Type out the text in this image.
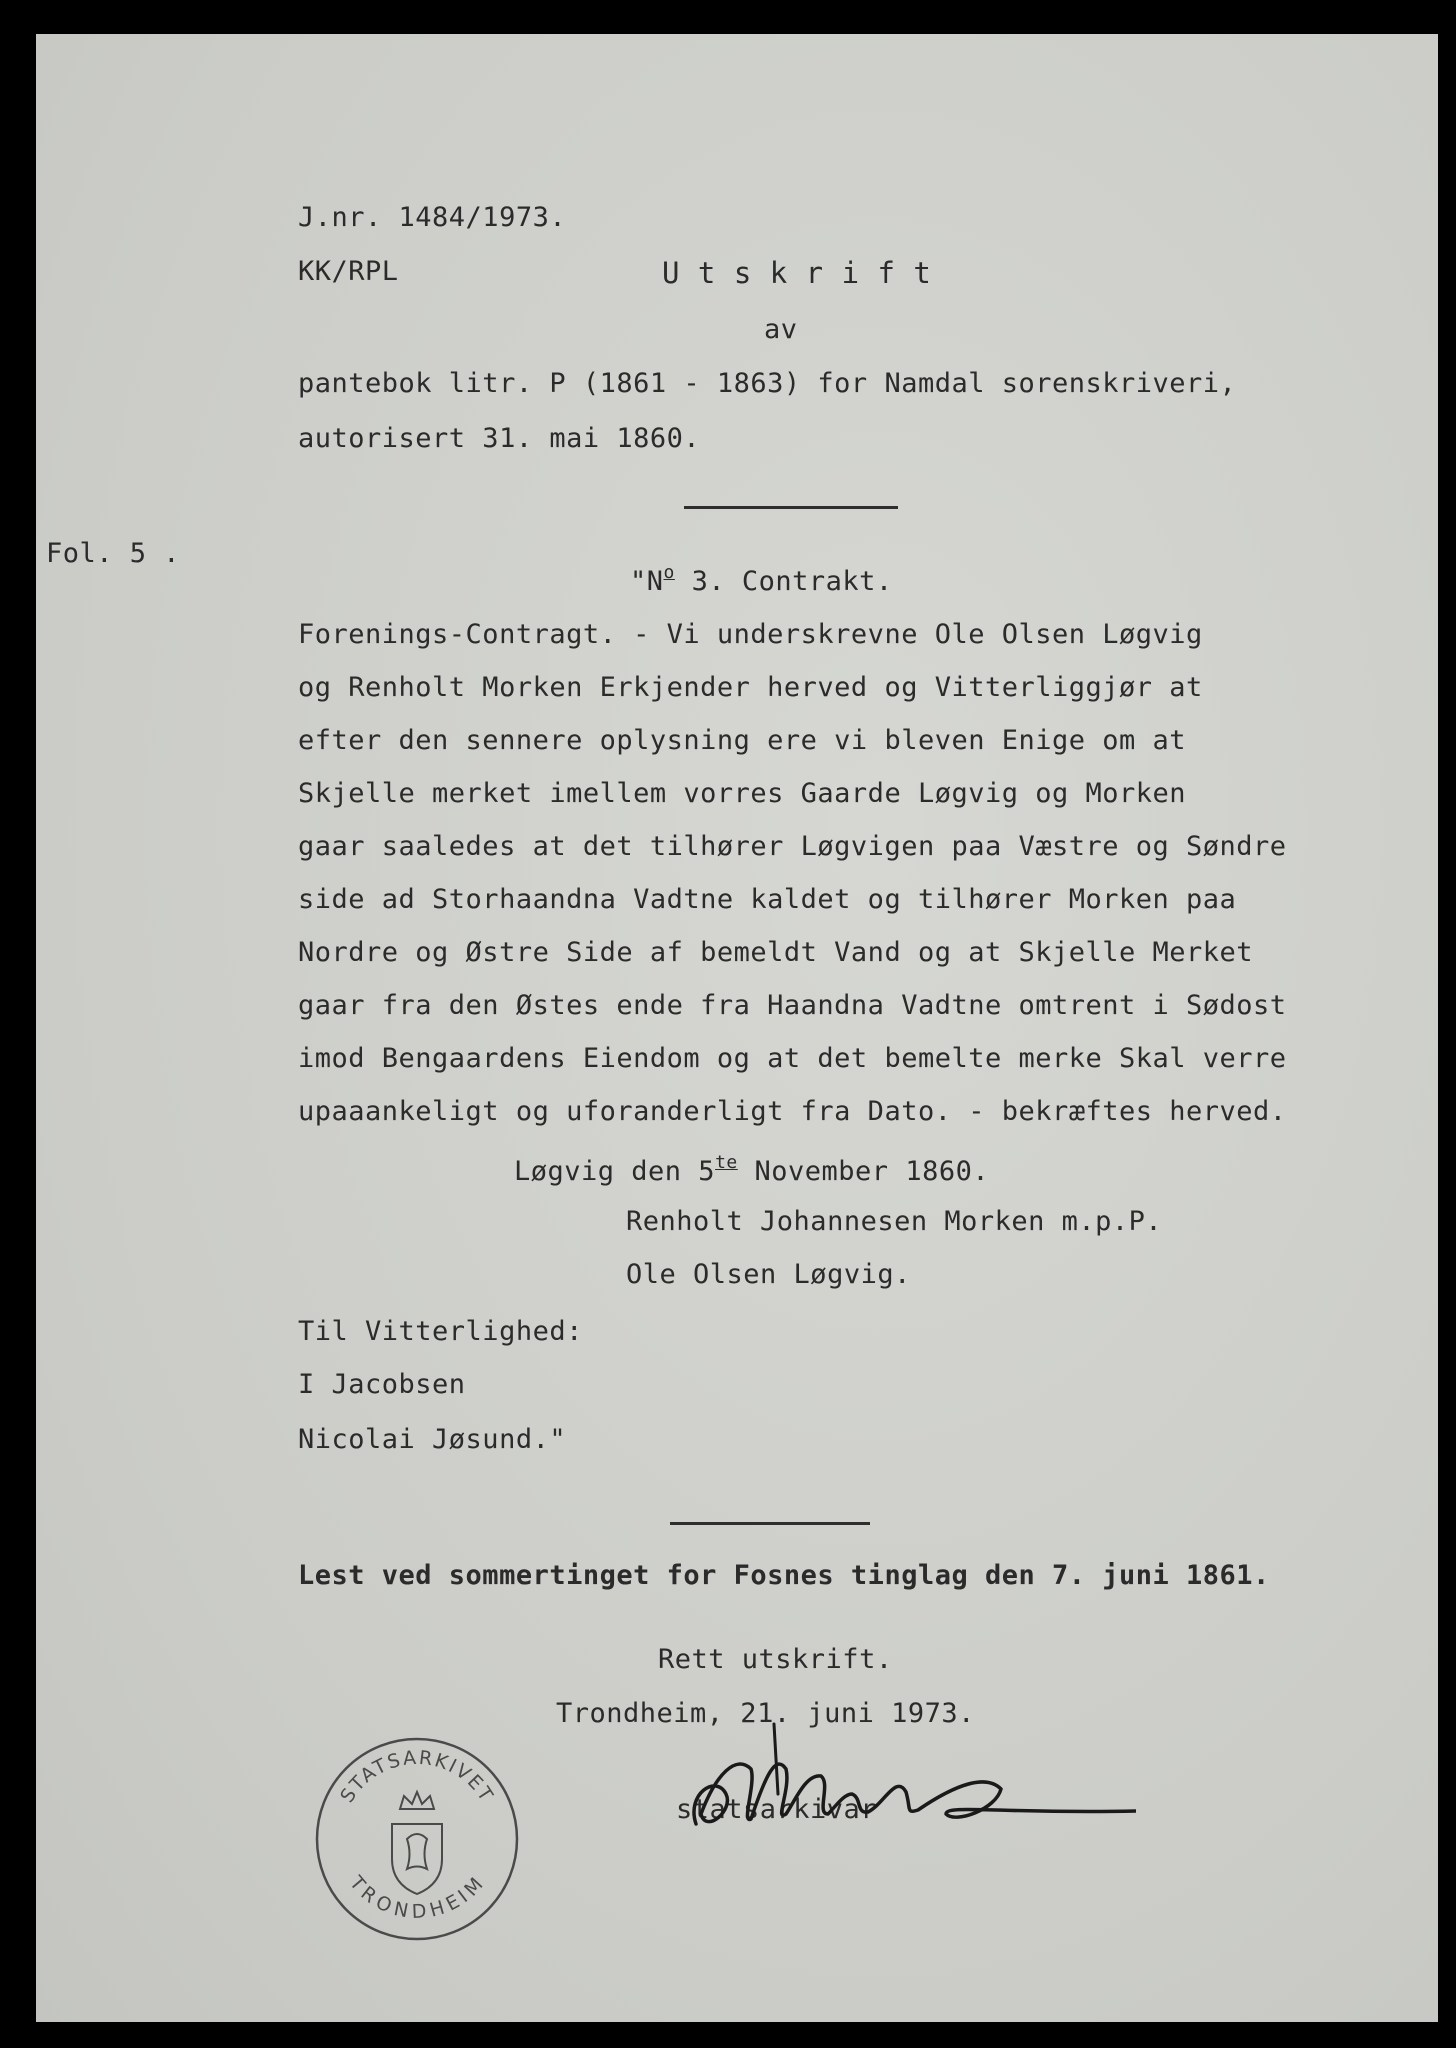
J.nr. 1484/1973.
KK/RPL	U t s k r i f t
av
pantebok litr. P (1861 - 1863) for Namdal sorenskriveri,
autorisert 31. mai 1860.
Fol. 5 .
"$N^o$ 3. Contrakt.
Forenings-Contragt. - Vi underskrevne Ole Olsen Løgvig
og Renholt Morken Erkjender herved og Vitterliggjør at
efter den sennere oplysning ere vi bleven Enige om at
Skjelle merket imellem vorres Gaarde Løgvig og Morken
gaar saaledes at det tilhører Løgvigen paa Væstre og Søndre
side ad Storhaandna Vadtne kaldet og tilhører Morken paa
Nordre og Østre Side af bemeldt Vand og at Skjelle Merket
gaar fra den Østes ende fra Haandna Vadtne omtrent i Sødost
imod Bengaardens Eiendom og at det bemelte merke Skal verre
upaaankeligt og uforanderligt fra Dato. - bekræftes herved.
Løgvig den $5^{te}$ November 1860.
Renholt Johannesen Morken m.p.P.
Ole Olsen Løgvig.
Til Vitterlighed:
I Jacobsen
Nicolai Jøsund."
Lest ved sommertinget for Fosnes tinglag den 7. juni 1861.
Rett utskrift.
Trondheim, 21. juni 1973.
statsarkivar
STATSARKIVET
TRONDHEIM
